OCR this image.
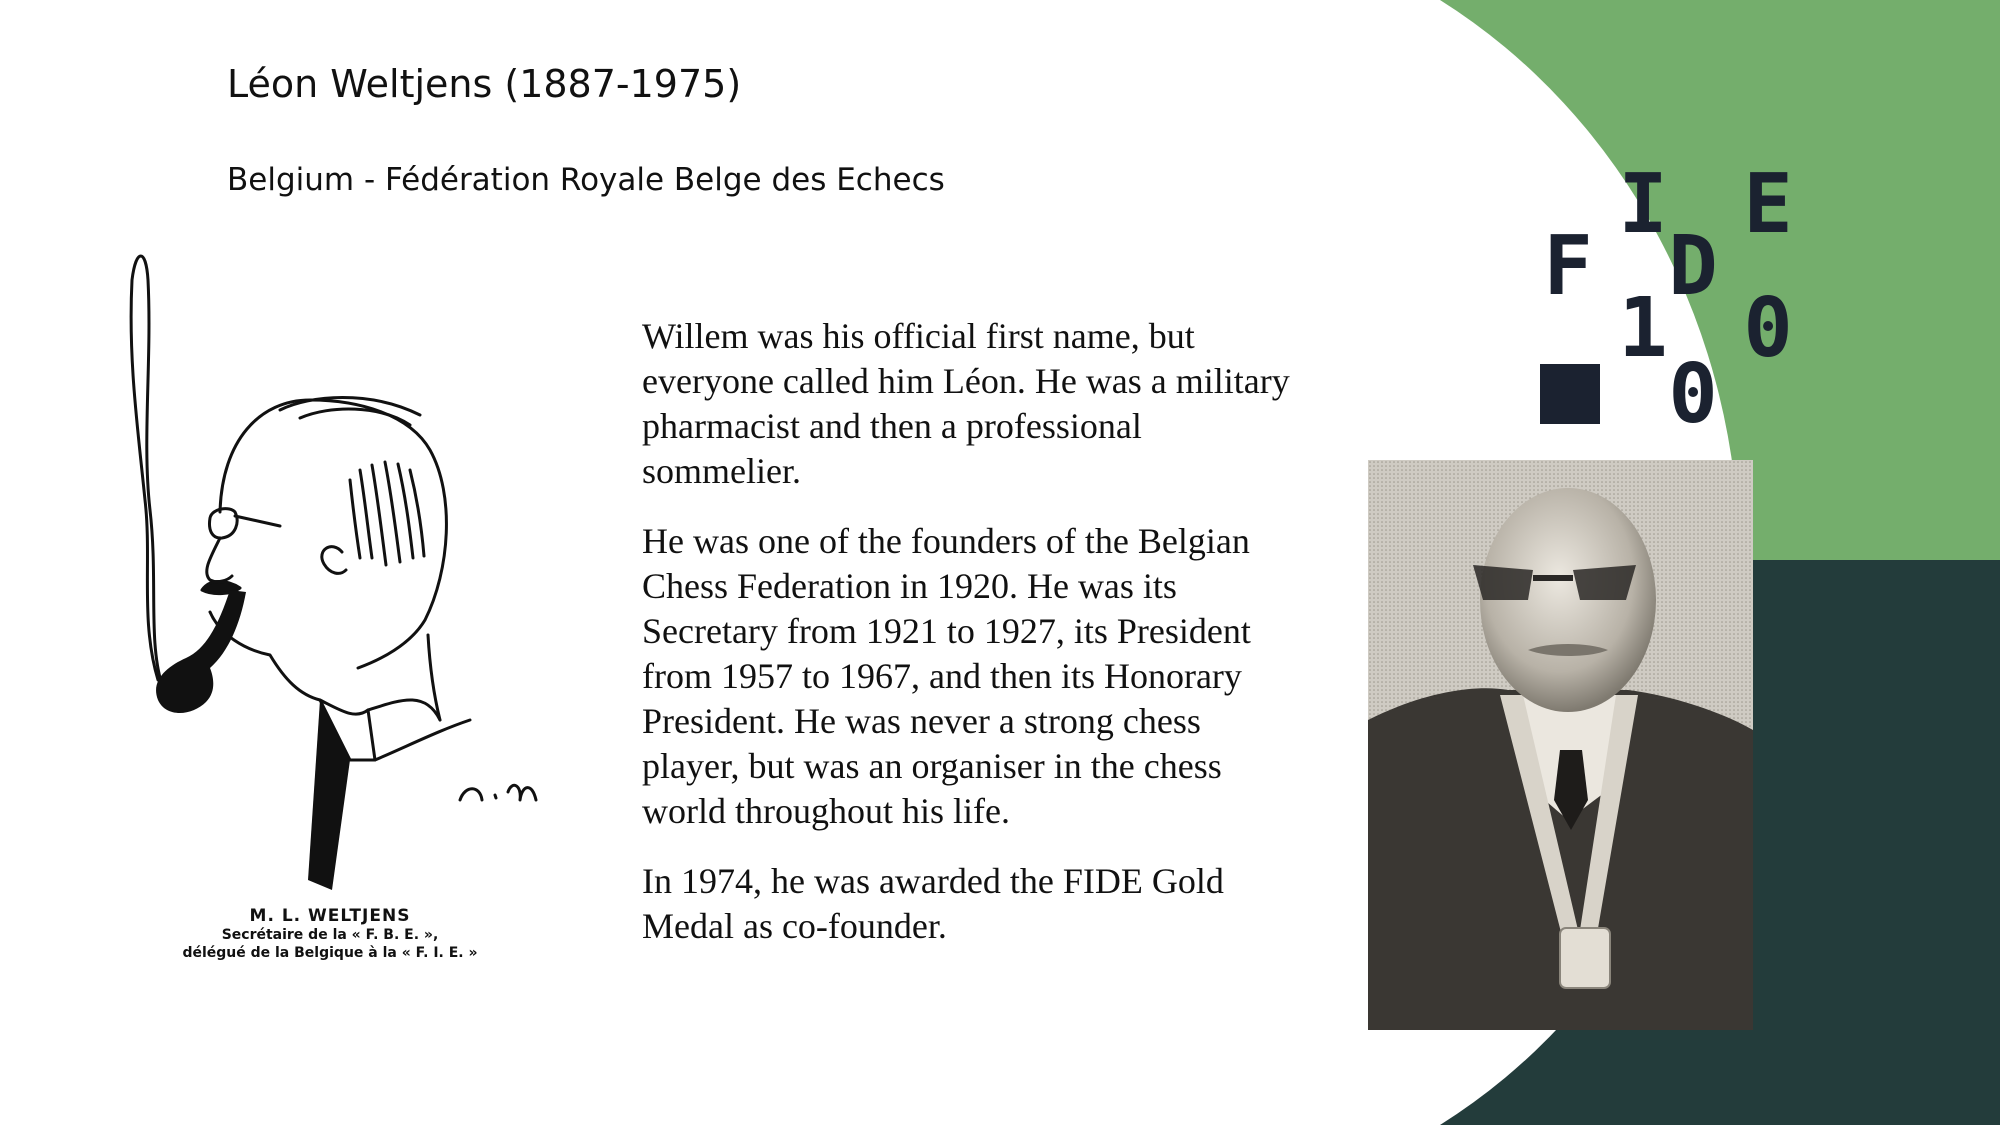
Léon Weltjens (1887-1975)
Belgium - Fédération Royale Belge des Echecs	I E
F D
1 0
0
M. L. WELTJENS
Secrétaire de la « F. B. E. »,
délégué de la Belgique à la « F. I. E. »

Willem was his official first name, but everyone called him Léon. He was a military pharmacist and then a professional sommelier.

He was one of the founders of the Belgian Chess Federation in 1920. He was its Secretary from 1921 to 1927, its President from 1957 to 1967, and then its Honorary President. He was never a strong chess player, but was an organiser in the chess world throughout his life.

In 1974, he was awarded the FIDE Gold Medal as co-founder.
